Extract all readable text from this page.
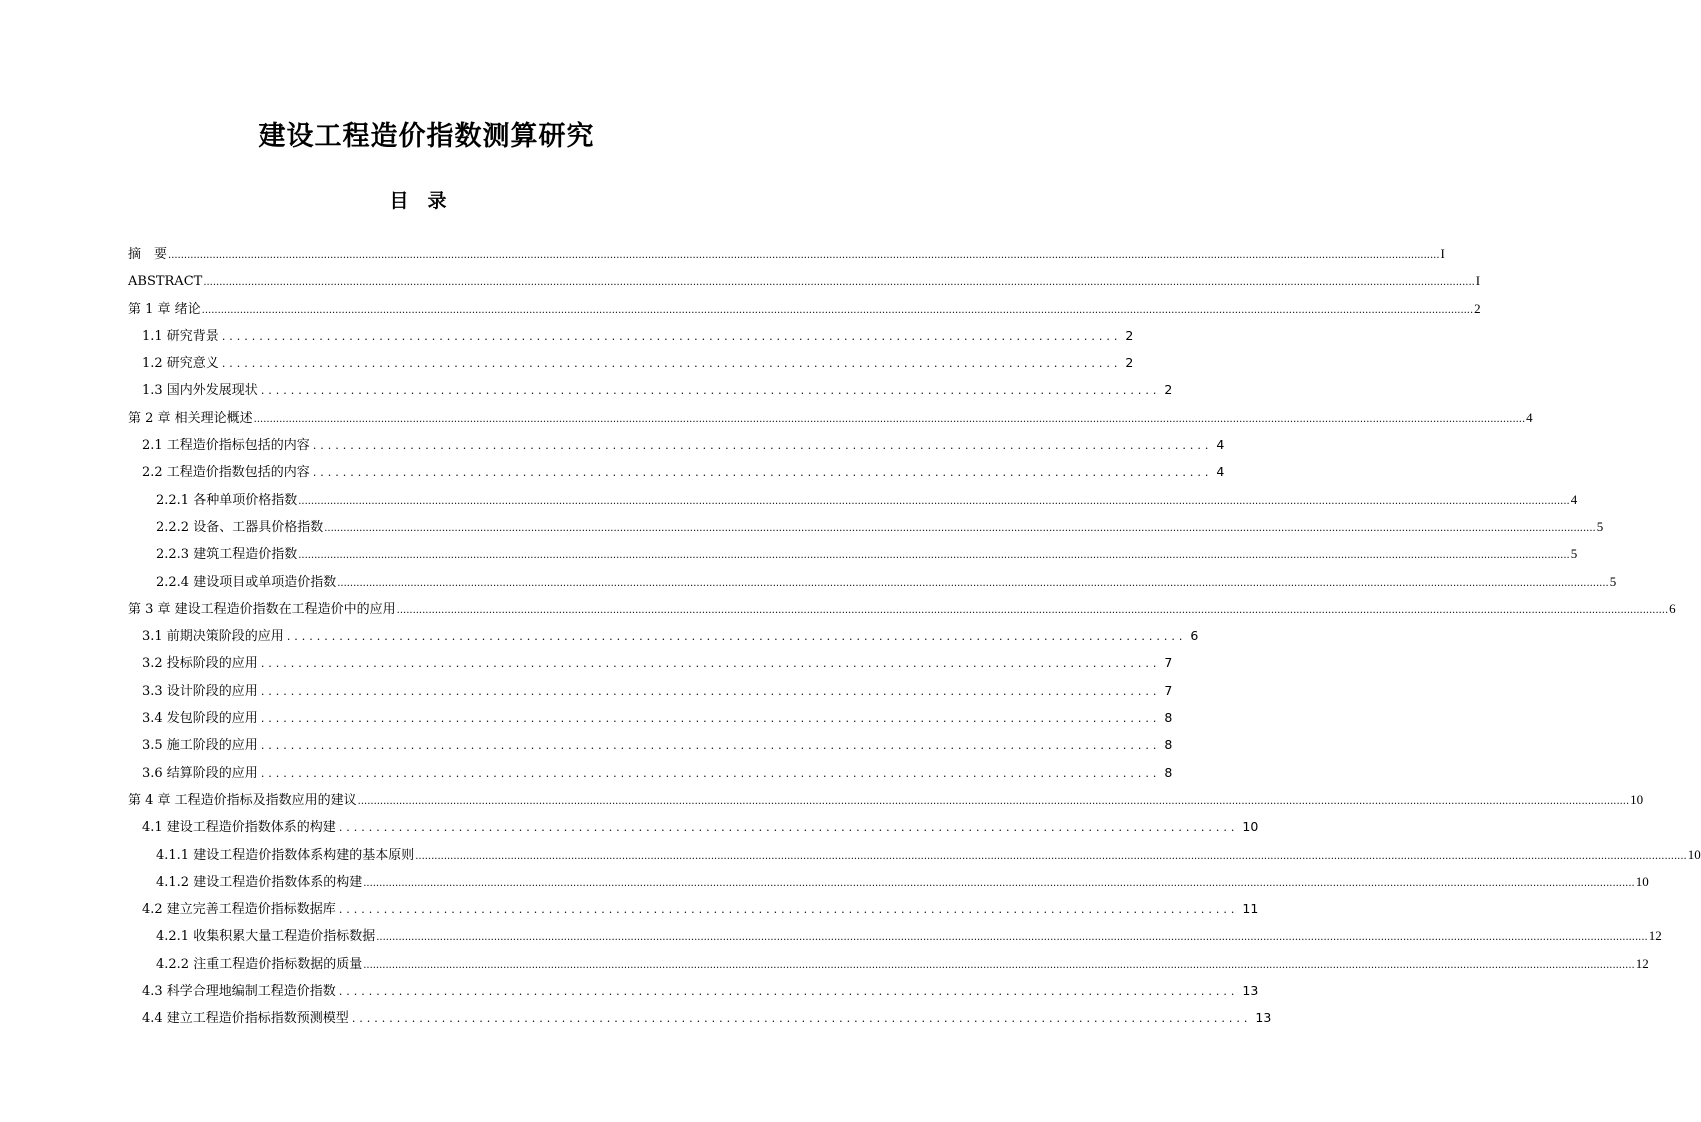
建设工程造价指数测算研究
目　录
摘　要 ................................................................................................................................................................................................................................................................................................................................................................................................................ I
ABSTRACT ................................................................................................................................................................................................................................................................................................................................................................................................................ I
第 1 章 绪论 ................................................................................................................................................................................................................................................................................................................................................................................................................ 2
1.1 研究背景 ........................................................................................................................ 2
1.2 研究意义 ........................................................................................................................ 2
1.3 国内外发展现状 ........................................................................................................................ 2
第 2 章 相关理论概述 ................................................................................................................................................................................................................................................................................................................................................................................................................ 4
2.1 工程造价指标包括的内容 ........................................................................................................................ 4
2.2 工程造价指数包括的内容 ........................................................................................................................ 4
2.2.1 各种单项价格指数 ................................................................................................................................................................................................................................................................................................................................................................................................................ 4
2.2.2 设备、工器具价格指数 ................................................................................................................................................................................................................................................................................................................................................................................................................ 5
2.2.3 建筑工程造价指数 ................................................................................................................................................................................................................................................................................................................................................................................................................ 5
2.2.4 建设项目或单项造价指数 ................................................................................................................................................................................................................................................................................................................................................................................................................ 5
第 3 章 建设工程造价指数在工程造价中的应用 ................................................................................................................................................................................................................................................................................................................................................................................................................ 6
3.1 前期决策阶段的应用 ........................................................................................................................ 6
3.2 投标阶段的应用 ........................................................................................................................ 7
3.3 设计阶段的应用 ........................................................................................................................ 7
3.4 发包阶段的应用 ........................................................................................................................ 8
3.5 施工阶段的应用 ........................................................................................................................ 8
3.6 结算阶段的应用 ........................................................................................................................ 8
第 4 章 工程造价指标及指数应用的建议 ................................................................................................................................................................................................................................................................................................................................................................................................................ 10
4.1 建设工程造价指数体系的构建 ........................................................................................................................ 10
4.1.1 建设工程造价指数体系构建的基本原则 ................................................................................................................................................................................................................................................................................................................................................................................................................ 10
4.1.2 建设工程造价指数体系的构建 ................................................................................................................................................................................................................................................................................................................................................................................................................ 10
4.2 建立完善工程造价指标数据库 ........................................................................................................................ 11
4.2.1 收集积累大量工程造价指标数据 ................................................................................................................................................................................................................................................................................................................................................................................................................ 12
4.2.2 注重工程造价指标数据的质量 ................................................................................................................................................................................................................................................................................................................................................................................................................ 12
4.3 科学合理地编制工程造价指数 ........................................................................................................................ 13
4.4 建立工程造价指标指数预测模型 ........................................................................................................................ 13
